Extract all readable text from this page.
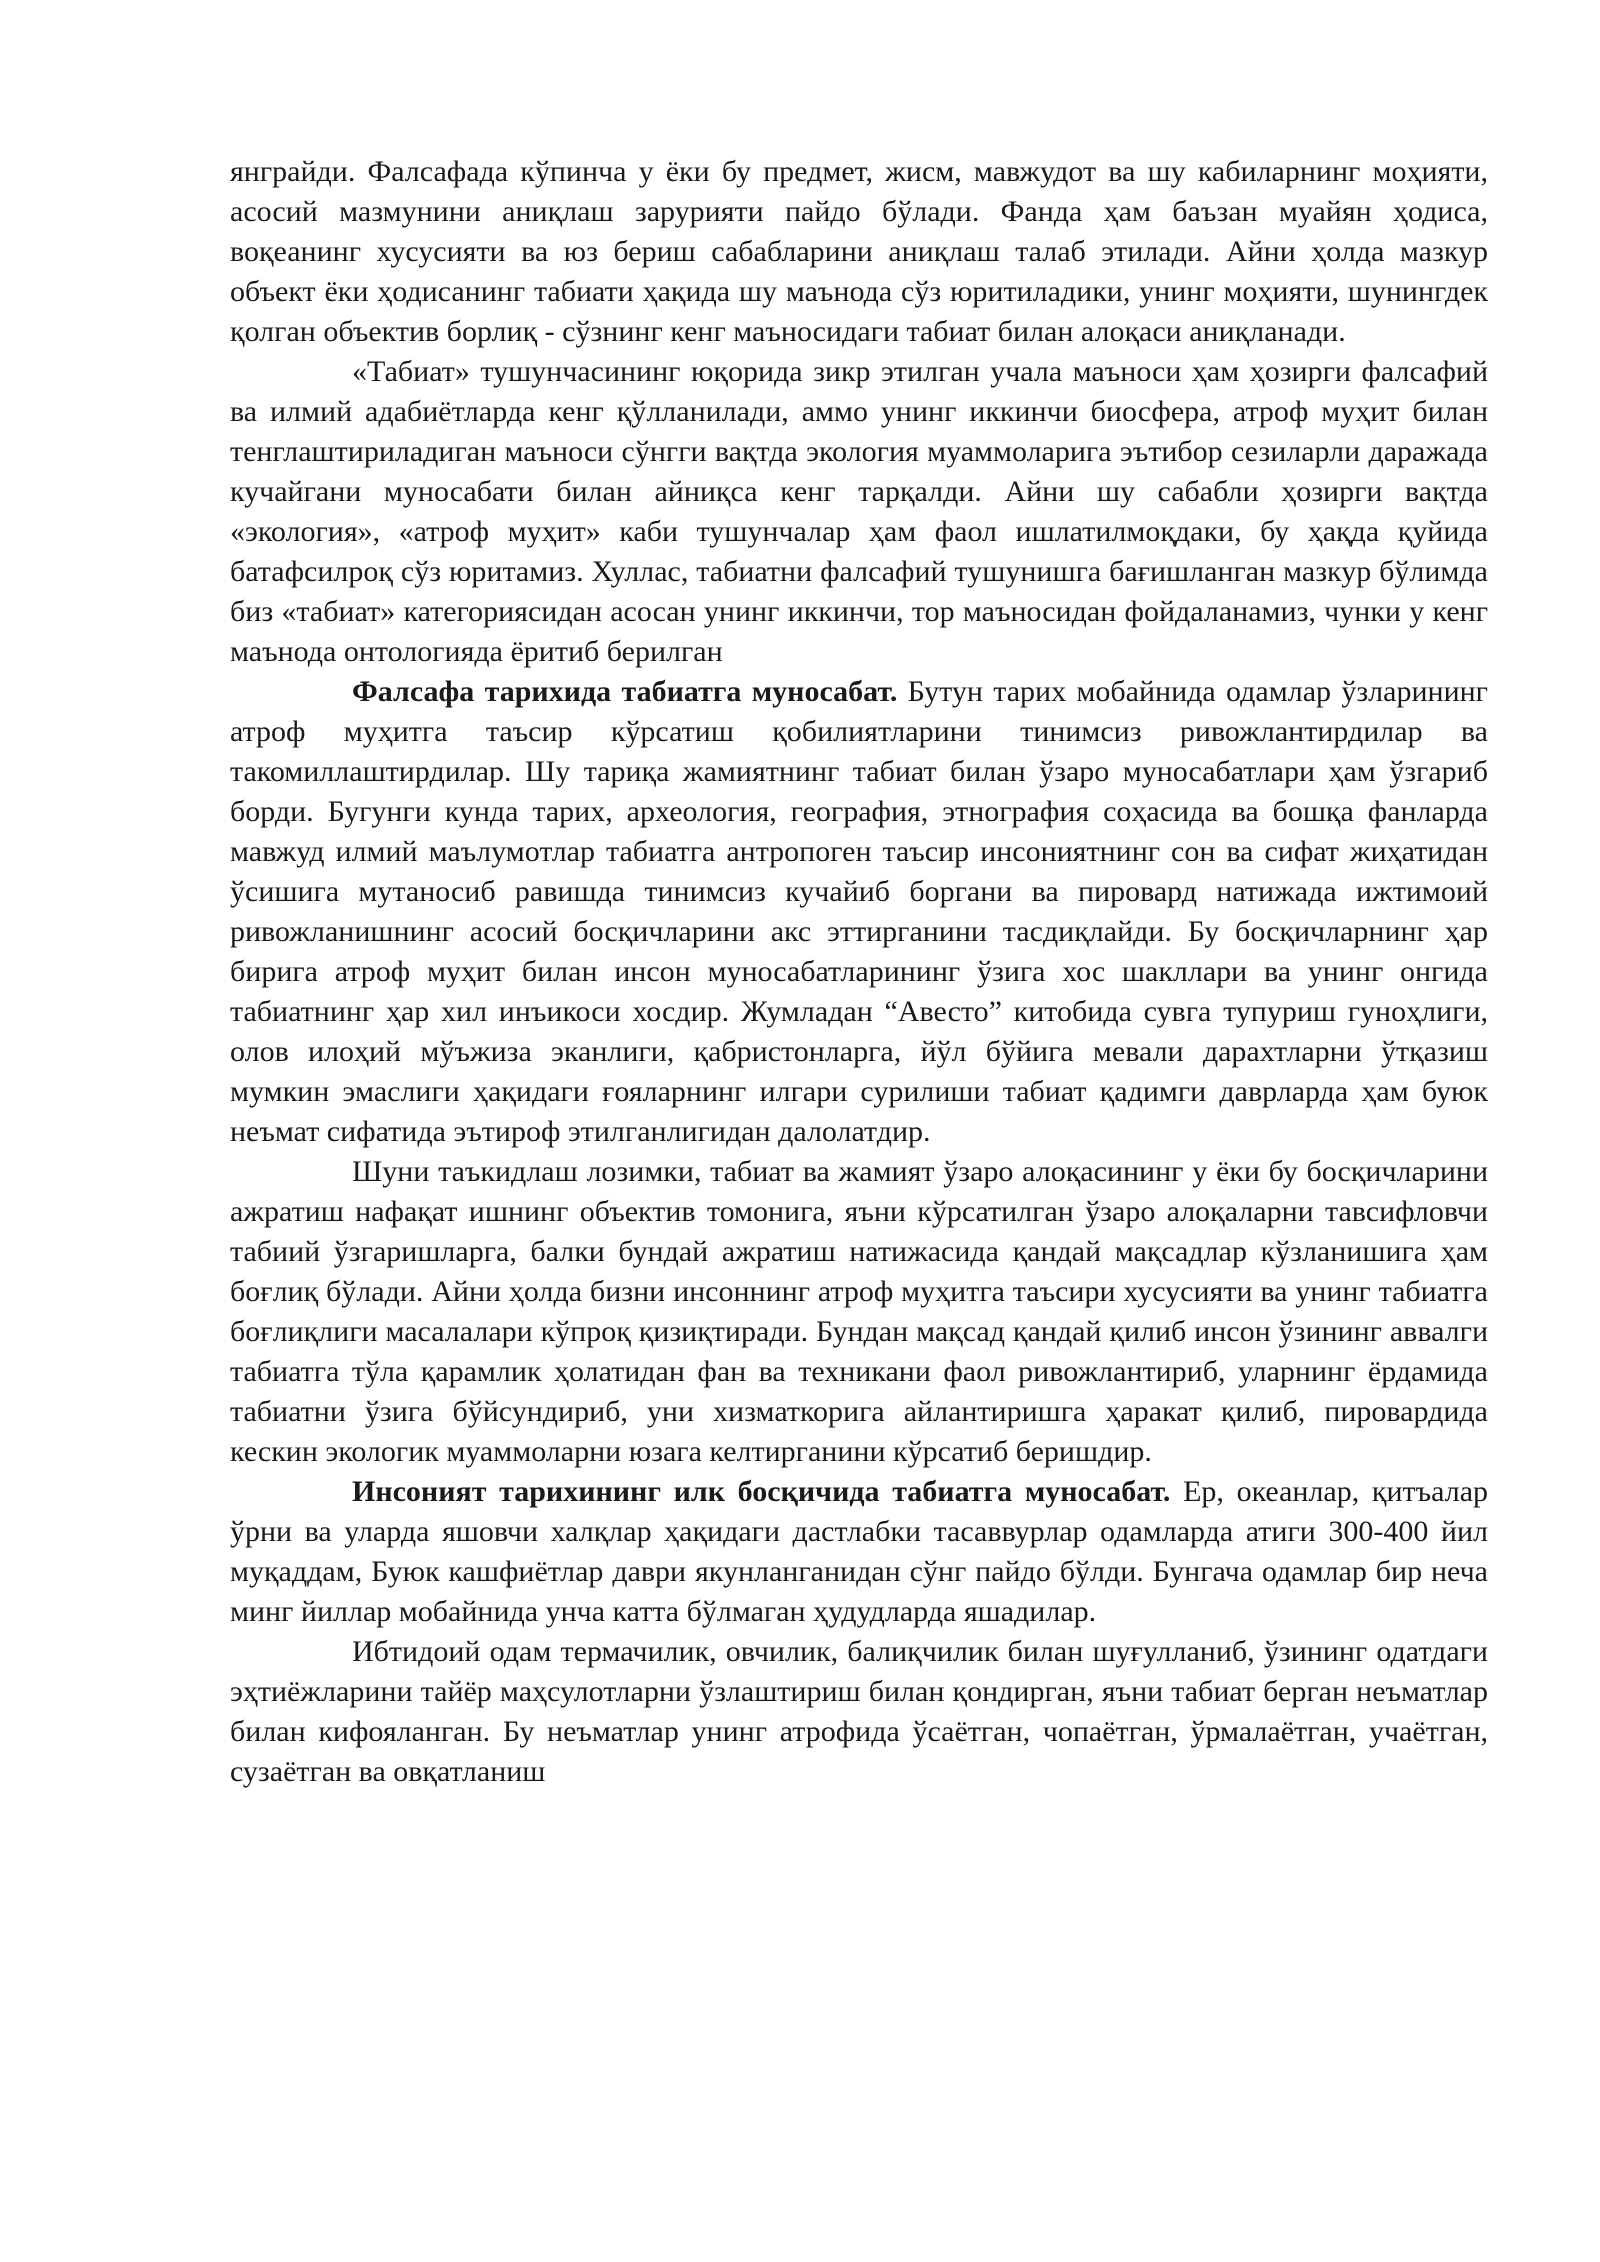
янграйди. Фалсафада кўпинча у ёки бу предмет, жисм, мавжудот ва шу кабиларнинг моҳияти, асосий мазмунини аниқлаш зарурияти пайдо бўлади. Фанда ҳам баъзан муайян ҳодиса, воқеанинг хусусияти ва юз бериш сабабларини аниқлаш талаб этилади. Айни ҳолда мазкур объект ёки ҳодисанинг табиати ҳақида шу маънода сўз юритиладики, унинг моҳияти, шунингдек қолган объектив борлиқ - сўзнинг кенг маъносидаги табиат билан алоқаси аниқланади.

«Табиат» тушунчасининг юқорида зикр этилган учала маъноси ҳам ҳозирги фалсафий ва илмий адабиётларда кенг қўлланилади, аммо унинг иккинчи биосфера, атроф муҳит билан тенглаштириладиган маъноси сўнгги вақтда экология муаммоларига эътибор сезиларли даражада кучайгани муносабати билан айниқса кенг тарқалди. Айни шу сабабли ҳозирги вақтда «экология», «атроф муҳит» каби тушунчалар ҳам фаол ишлатилмоқдаки, бу ҳақда қуйида батафсилроқ сўз юритамиз. Хуллас, табиатни фалсафий тушунишга бағишланган мазкур бўлимда биз «табиат» категориясидан асосан унинг иккинчи, тор маъносидан фойдаланамиз, чунки у кенг маънода онтологияда ёритиб берилган

Фалсафа тарихида табиатга муносабат. Бутун тарих мобайнида одамлар ўзларининг атроф муҳитга таъсир кўрсатиш қобилиятларини тинимсиз ривожлантирдилар ва такомиллаштирдилар. Шу тариқа жамиятнинг табиат билан ўзаро муносабатлари ҳам ўзгариб борди. Бугунги кунда тарих, археология, география, этнография соҳасида ва бошқа фанларда мавжуд илмий маълумотлар табиатга антропоген таъсир инсониятнинг сон ва сифат жиҳатидан ўсишига мутаносиб равишда тинимсиз кучайиб боргани ва пировард натижада ижтимоий ривожланишнинг асосий босқичларини акс эттирганини тасдиқлайди. Бу босқичларнинг ҳар бирига атроф муҳит билан инсон муносабатларининг ўзига хос шакллари ва унинг онгида табиатнинг ҳар хил инъикоси хосдир. Жумладан “Авесто” китобида сувга тупуриш гуноҳлиги, олов илоҳий мўъжиза эканлиги, қабристонларга, йўл бўйига мевали дарахтларни ўтқазиш мумкин эмаслиги ҳақидаги ғояларнинг илгари сурилиши табиат қадимги даврларда ҳам буюк неъмат сифатида эътироф этилганлигидан далолатдир.

Шуни таъкидлаш лозимки, табиат ва жамият ўзаро алоқасининг у ёки бу босқичларини ажратиш нафақат ишнинг объектив томонига, яъни кўрсатилган ўзаро алоқаларни тавсифловчи табиий ўзгаришларга, балки бундай ажратиш натижасида қандай мақсадлар кўзланишига ҳам боғлиқ бўлади. Айни ҳолда бизни инсоннинг атроф муҳитга таъсири хусусияти ва унинг табиатга боғлиқлиги масалалари кўпроқ қизиқтиради. Бундан мақсад қандай қилиб инсон ўзининг аввалги табиатга тўла қарамлик ҳолатидан фан ва техникани фаол ривожлантириб, уларнинг ёрдамида табиатни ўзига бўйсундириб, уни хизматкорига айлантиришга ҳаракат қилиб, пировардида кескин экологик муаммоларни юзага келтирганини кўрсатиб беришдир.

Инсоният тарихининг илк босқичида табиатга муносабат. Ер, океанлар, қитъалар ўрни ва уларда яшовчи халқлар ҳақидаги дастлабки тасаввурлар одамларда атиги 300-400 йил муқаддам, Буюк кашфиётлар даври якунланганидан сўнг пайдо бўлди. Бунгача одамлар бир неча минг йиллар мобайнида унча катта бўлмаган ҳудудларда яшадилар.

Ибтидоий одам термачилик, овчилик, балиқчилик билан шуғулланиб, ўзининг одатдаги эҳтиёжларини тайёр маҳсулотларни ўзлаштириш билан қондирган, яъни табиат берган неъматлар билан кифояланган. Бу неъматлар унинг атрофида ўсаётган, чопаётган, ўрмалаётган, учаётган, сузаётган ва овқатланиш
